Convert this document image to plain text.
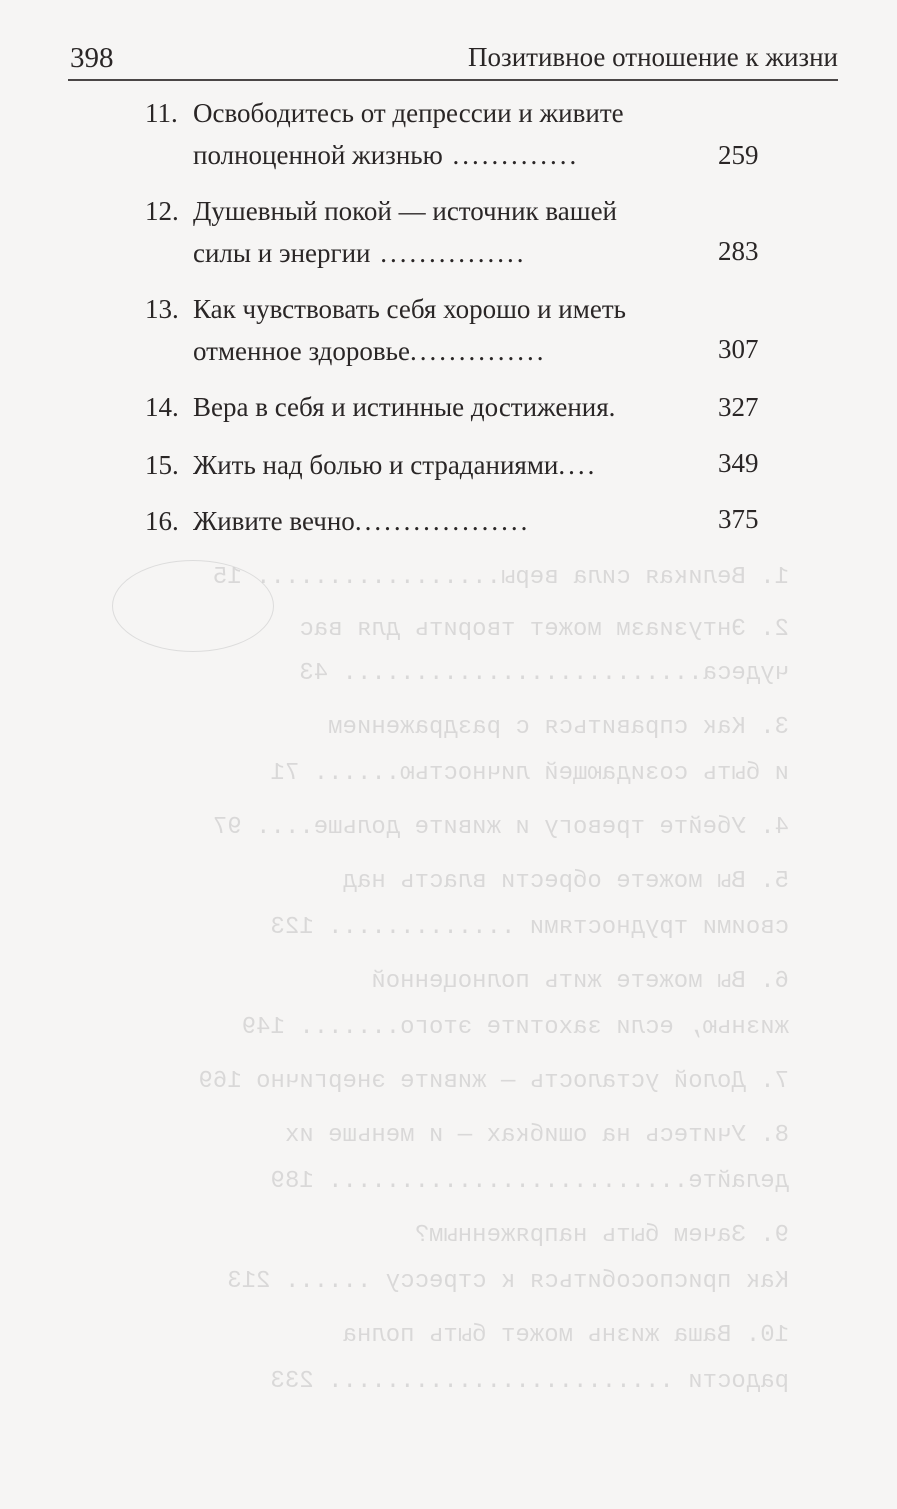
1. Великая сила веры................. 15
2. Энтузиазм может творить для вас
чудеса......................... 43
3. Как справиться с раздражением
и быть созидающей личностью...... 71
4. Убейте тревогу и живите дольше.... 97
5. Вы можете обрести власть над
своими трудностями ............. 123
6. Вы можете жить полноценной
жизнью, если захотите этого....... 149
7. Долой усталость — живите энергично 169
8. Учитесь на ошибках — и меньше их
делайте......................... 189
9. Зачем быть напряженным?
Как приспособиться к стрессу ...... 213
10. Ваша жизнь может быть полна
радости ........................ 233
398	Позитивное отношение к жизни
11. Освободитесь от депрессии и живите
полноценной жизнью .............	259
12. Душевный покой — источник вашей
силы и энергии ...............	283
13. Как чувствовать себя хорошо и иметь
отменное здоровье..............	307
14. Вера в себя и истинные достижения.	327
15. Жить над болью и страданиями....	349
16. Живите вечно..................	375
